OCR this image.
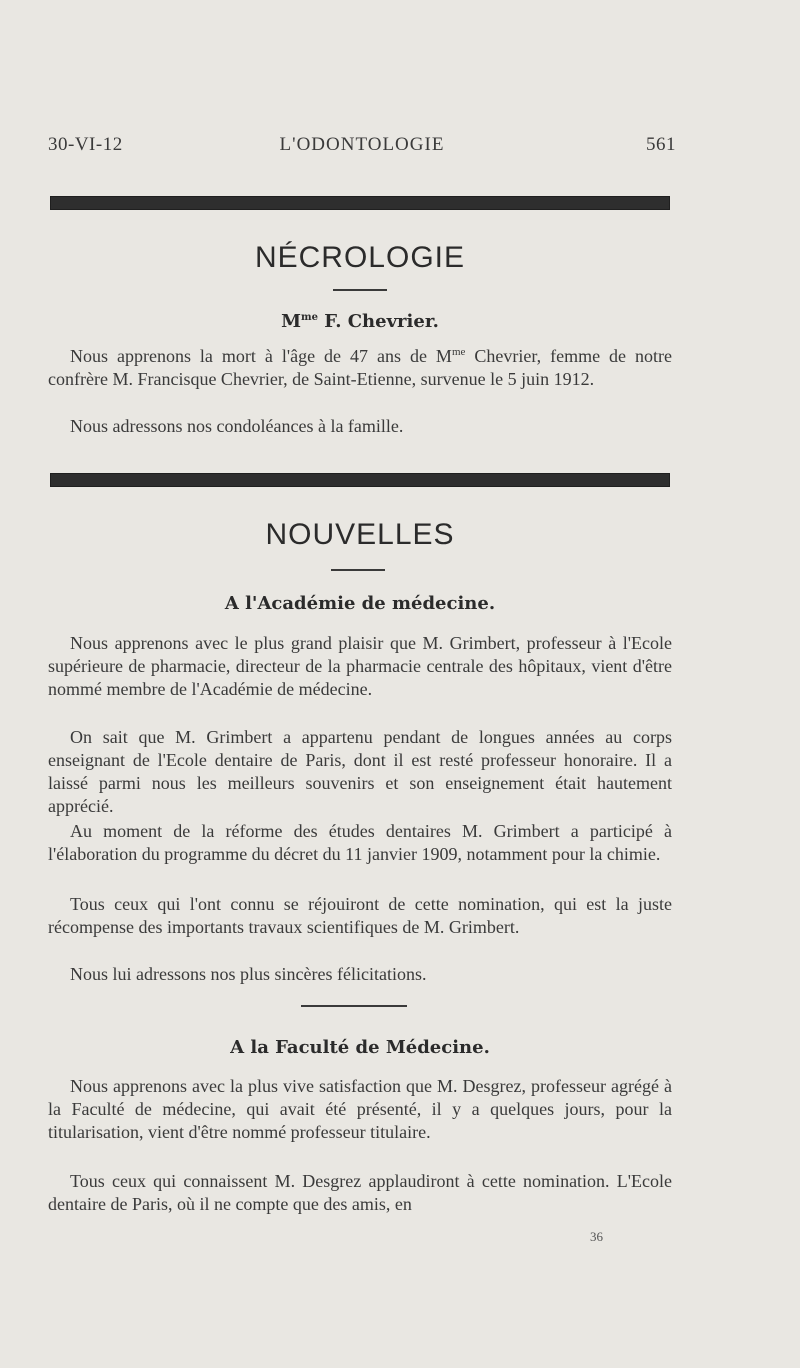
30-VI-12	L'ODONTOLOGIE	561
NÉCROLOGIE
$M^{me}$ F. Chevrier.

Nous apprenons la mort à l'âge de 47 ans de $M^{me}$ Chevrier, femme de notre confrère M. Francisque Chevrier, de Saint-Etienne, survenue le 5 juin 1912.

Nous adressons nos condoléances à la famille.

NOUVELLES
A l'Académie de médecine.

Nous apprenons avec le plus grand plaisir que M. Grimbert, professeur à l'Ecole supérieure de pharmacie, directeur de la pharmacie centrale des hôpitaux, vient d'être nommé membre de l'Académie de médecine.

On sait que M. Grimbert a appartenu pendant de longues années au corps enseignant de l'Ecole dentaire de Paris, dont il est resté professeur honoraire. Il a laissé parmi nous les meilleurs souvenirs et son enseignement était hautement apprécié.

Au moment de la réforme des études dentaires M. Grimbert a participé à l'élaboration du programme du décret du 11 janvier 1909, notamment pour la chimie.

Tous ceux qui l'ont connu se réjouiront de cette nomination, qui est la juste récompense des importants travaux scientifiques de M. Grimbert.

Nous lui adressons nos plus sincères félicitations.

A la Faculté de Médecine.

Nous apprenons avec la plus vive satisfaction que M. Desgrez, professeur agrégé à la Faculté de médecine, qui avait été présenté, il y a quelques jours, pour la titularisation, vient d'être nommé professeur titulaire.

Tous ceux qui connaissent M. Desgrez applaudiront à cette nomination. L'Ecole dentaire de Paris, où il ne compte que des amis, en

36
